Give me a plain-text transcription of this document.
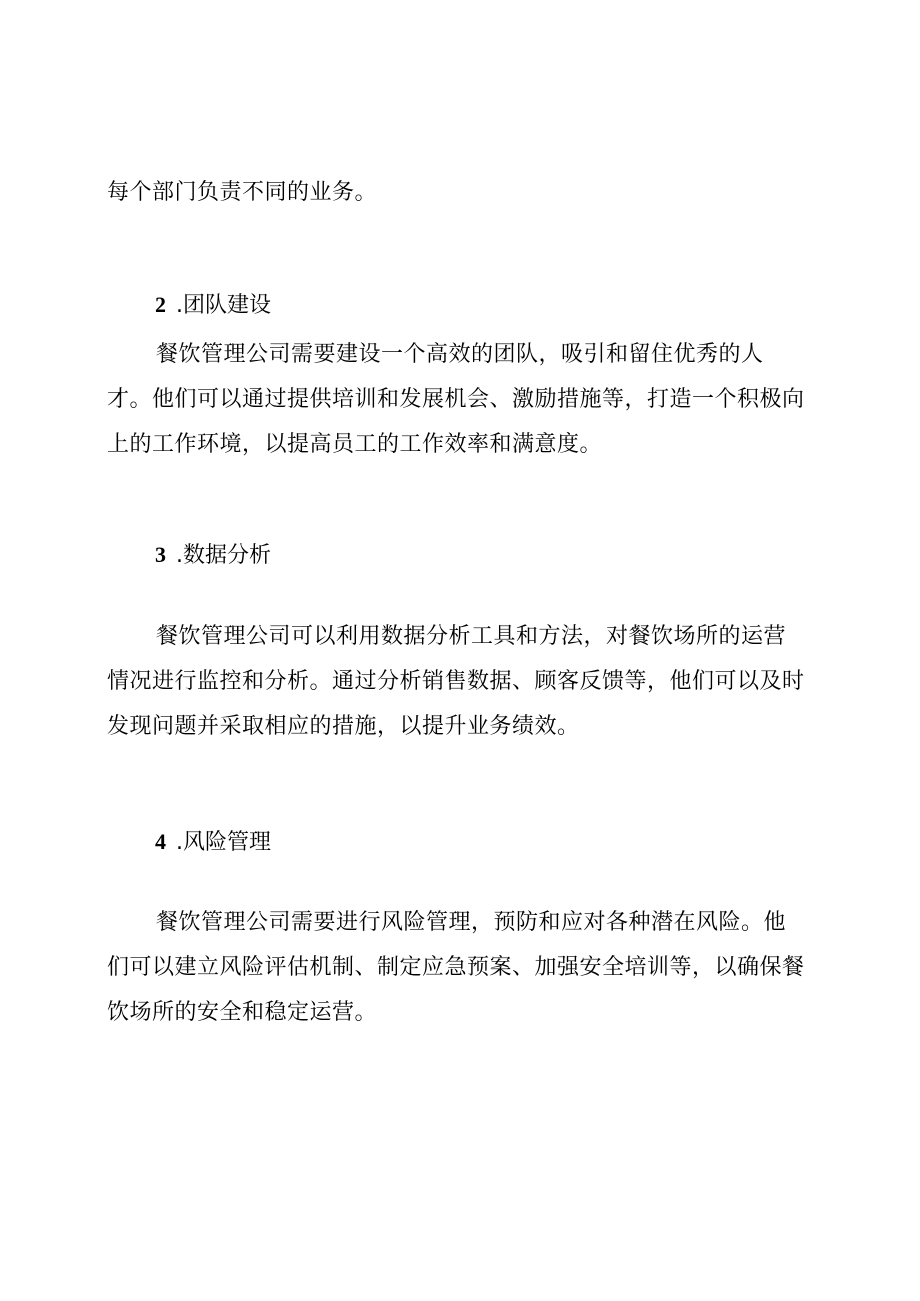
每个部门负责不同的业务。

2 .团队建设

餐饮管理公司需要建设一个高效的团队，吸引和留住优秀的人才。他们可以通过提供培训和发展机会、激励措施等，打造一个积极向上的工作环境，以提高员工的工作效率和满意度。

3 .数据分析

餐饮管理公司可以利用数据分析工具和方法，对餐饮场所的运营情况进行监控和分析。通过分析销售数据、顾客反馈等，他们可以及时发现问题并采取相应的措施，以提升业务绩效。

4 .风险管理

餐饮管理公司需要进行风险管理，预防和应对各种潜在风险。他们可以建立风险评估机制、制定应急预案、加强安全培训等，以确保餐饮场所的安全和稳定运营。
